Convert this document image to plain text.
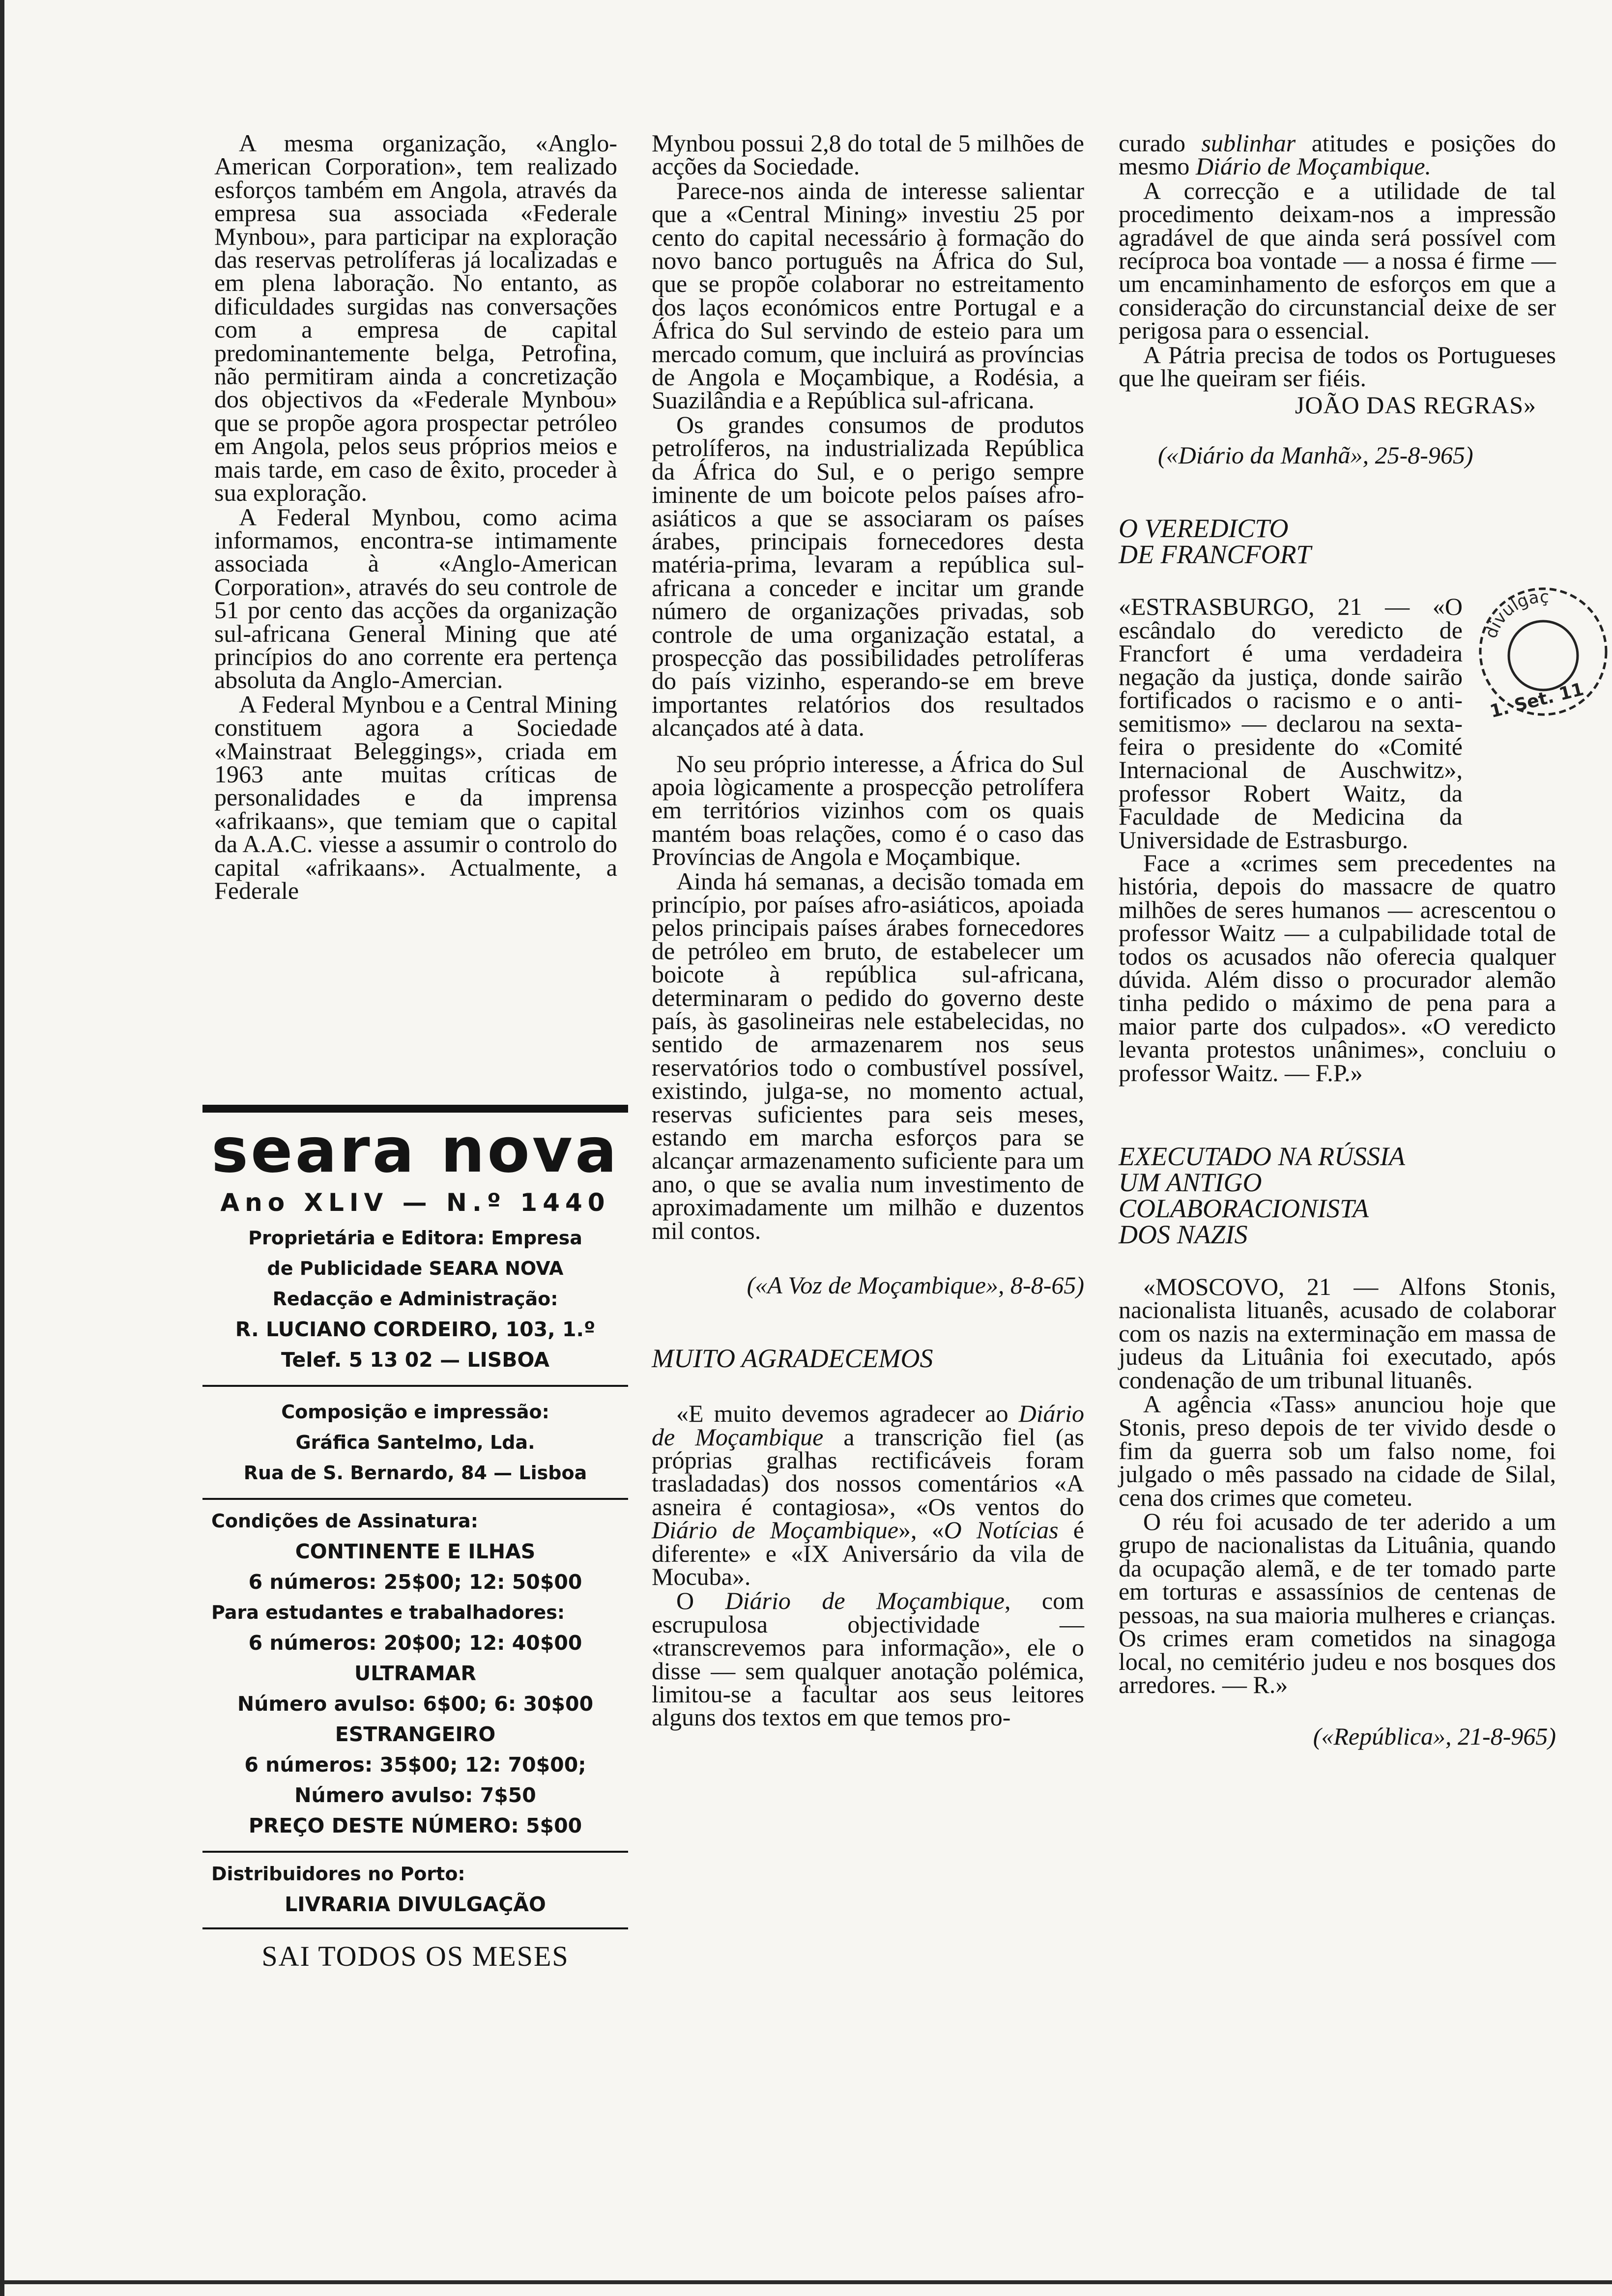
A mesma organização, «Anglo-American Corporation», tem realizado esforços também em Angola, através da empresa sua associada «Federale Mynbou», para participar na exploração das reservas petrolíferas já localizadas e em plena laboração. No entanto, as dificuldades surgidas nas conversações com a empresa de capital predominantemente belga, Petrofina, não permitiram ainda a concretização dos objectivos da «Federale Mynbou» que se propõe agora prospectar petróleo em Angola, pelos seus próprios meios e mais tarde, em caso de êxito, proceder à sua exploração.

A Federal Mynbou, como acima informamos, encontra-se intimamente associada à «Anglo-American Corporation», através do seu controle de 51 por cento das acções da organização sul-africana General Mining que até princípios do ano corrente era pertença absoluta da Anglo-Amercian.

A Federal Mynbou e a Central Mining constituem agora a Sociedade «Mainstraat Beleggings», criada em 1963 ante muitas críticas de personalidades e da imprensa «afrikaans», que temiam que o capital da A.A.C. viesse a assumir o controlo do capital «afrikaans». Actualmente, a Federale

seara nova
Ano XLIV — N.º 1440
Proprietária e Editora: Empresa
de Publicidade SEARA NOVA
Redacção e Administração:
R. LUCIANO CORDEIRO, 103, 1.º
Telef. 5 13 02 — LISBOA
Composição e impressão:
Gráfica Santelmo, Lda.
Rua de S. Bernardo, 84 — Lisboa
Condições de Assinatura:
CONTINENTE E ILHAS
6 números: 25$00; 12: 50$00
Para estudantes e trabalhadores:
6 números: 20$00; 12: 40$00
ULTRAMAR
Número avulso: 6$00; 6: 30$00
ESTRANGEIRO
6 números: 35$00; 12: 70$00;
Número avulso: 7$50
PREÇO DESTE NÚMERO: 5$00
Distribuidores no Porto:
LIVRARIA DIVULGAÇÃO
SAI TODOS OS MESES

Mynbou possui 2,8 do total de 5 milhões de acções da Sociedade.

Parece-nos ainda de interesse salientar que a «Central Mining» investiu 25 por cento do capital necessário à formação do novo banco português na África do Sul, que se propõe colaborar no estreitamento dos laços económicos entre Portugal e a África do Sul servindo de esteio para um mercado comum, que incluirá as províncias de Angola e Moçambique, a Rodésia, a Suazilândia e a República sul-africana.

Os grandes consumos de produtos petrolíferos, na industrializada República da África do Sul, e o perigo sempre iminente de um boicote pelos países afro-asiáticos a que se associaram os países árabes, principais fornecedores desta matéria-prima, levaram a república sul-africana a conceder e incitar um grande número de organizações privadas, sob controle de uma organização estatal, a prospecção das possibilidades petrolíferas do país vizinho, esperando-se em breve importantes relatórios dos resultados alcançados até à data.

No seu próprio interesse, a África do Sul apoia lògicamente a prospecção petrolífera em territórios vizinhos com os quais mantém boas relações, como é o caso das Províncias de Angola e Moçambique.

Ainda há semanas, a decisão tomada em princípio, por países afro-asiáticos, apoiada pelos principais países árabes fornecedores de petróleo em bruto, de estabelecer um boicote à república sul-africana, determinaram o pedido do governo deste país, às gasolineiras nele estabelecidas, no sentido de armazenarem nos seus reservatórios todo o combustível possível, existindo, julga-se, no momento actual, reservas suficientes para seis meses, estando em marcha esforços para se alcançar armazenamento suficiente para um ano, o que se avalia num investimento de aproximadamente um milhão e duzentos mil contos.

(«A Voz de Moçambique», 8-8-65)

MUITO AGRADECEMOS

«E muito devemos agradecer ao Diário de Moçambique a transcrição fiel (as próprias gralhas rectificáveis foram trasladadas) dos nossos comentários «A asneira é contagiosa», «Os ventos do Diário de Moçambique», «O Notícias é diferente» e «IX Aniversário da vila de Mocuba».

O Diário de Moçambique, com escrupulosa objectividade — «transcrevemos para informação», ele o disse — sem qualquer anotação polémica, limitou-se a facultar aos seus leitores alguns dos textos em que temos pro-

curado sublinhar atitudes e posições do mesmo Diário de Moçambique.

A correcção e a utilidade de tal procedimento deixam-nos a impressão agradável de que ainda será possível com recíproca boa vontade — a nossa é firme — um encaminhamento de esforços em que a consideração do circunstancial deixe de ser perigosa para o essencial.

A Pátria precisa de todos os Portugueses que lhe queiram ser fiéis.

JOÃO DAS REGRAS»

(«Diário da Manhã», 25-8-965)

O VEREDICTO
DE FRANCFORT

«ESTRASBURGO, 21 — «O escândalo do veredicto de Francfort é uma verdadeira negação da justiça, donde sairão fortificados o racismo e o anti-semitismo» — declarou na sexta-feira o presidente do «Comité Internacional de Auschwitz», professor Robert Waitz, da Faculdade de Medicina da Universidade de Estrasburgo.

Face a «crimes sem precedentes na história, depois do massacre de quatro milhões de seres humanos — acrescentou o professor Waitz — a culpabilidade total de todos os acusados não oferecia qualquer dúvida. Além disso o procurador alemão tinha pedido o máximo de pena para a maior parte dos culpados». «O veredicto levanta protestos unânimes», concluiu o professor Waitz. — F.P.»

EXECUTADO NA RÚSSIA
UM ANTIGO
COLABORACIONISTA
DOS NAZIS

«MOSCOVO, 21 — Alfons Stonis, nacionalista lituanês, acusado de colaborar com os nazis na exterminação em massa de judeus da Lituânia foi executado, após condenação de um tribunal lituanês.

A agência «Tass» anunciou hoje que Stonis, preso depois de ter vivido desde o fim da guerra sob um falso nome, foi julgado o mês passado na cidade de Silal, cena dos crimes que cometeu.

O réu foi acusado de ter aderido a um grupo de nacionalistas da Lituânia, quando da ocupação alemã, e de ter tomado parte em torturas e assassínios de centenas de pessoas, na sua maioria mulheres e crianças. Os crimes eram cometidos na sinagoga local, no cemitério judeu e nos bosques dos arredores. — R.»

(«República», 21-8-965)

divulgaç
1. Set. 11
